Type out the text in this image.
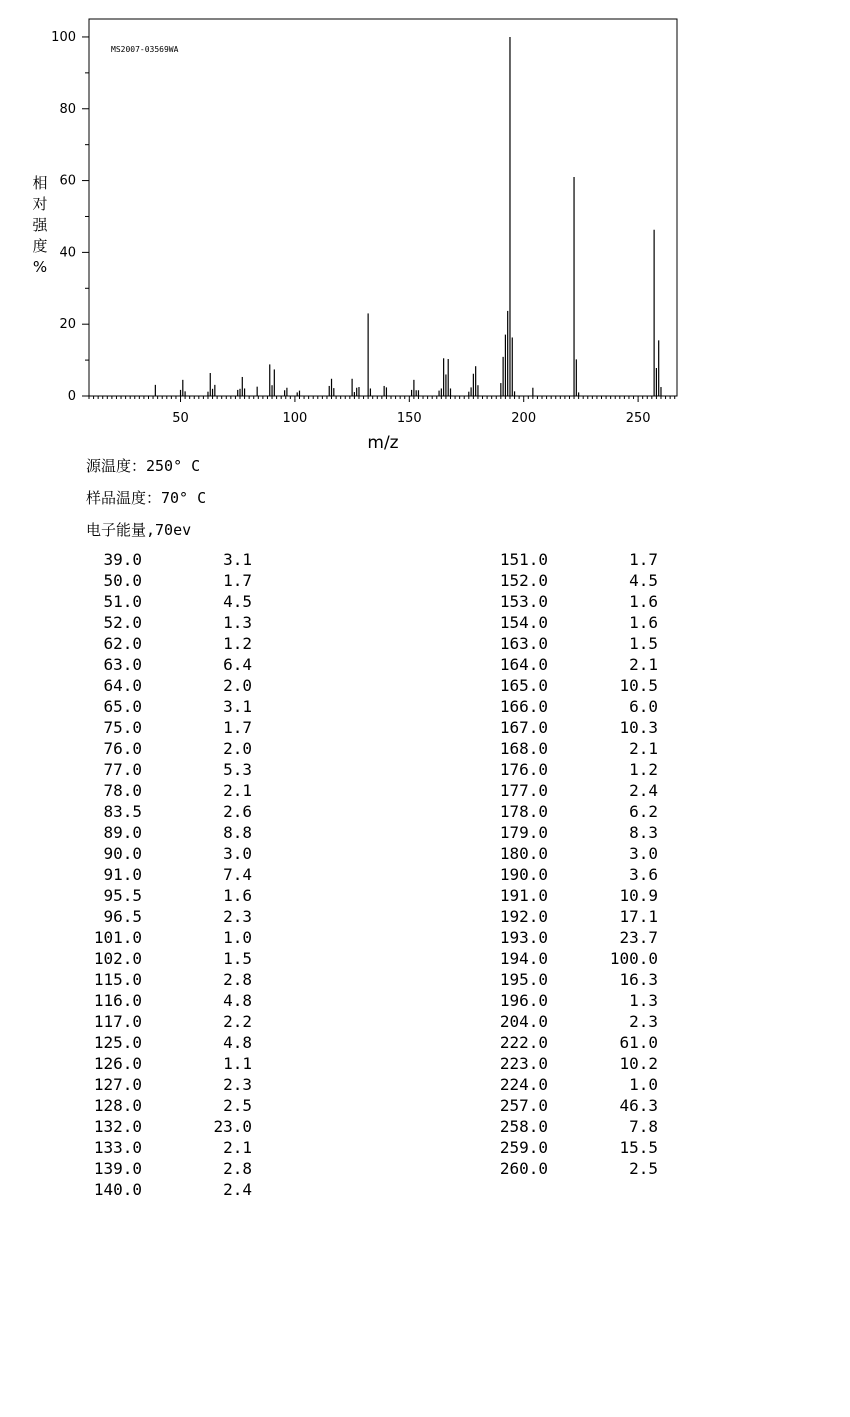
50	100	150	200	250
0
20
40
60
80
100
m/z
相
对
强
度
%
MS2007-03569WA
源温度：250° C
样品温度：70° C
电子能量,70ev
39.0	3.1
50.0	1.7
51.0	4.5
52.0	1.3
62.0	1.2
63.0	6.4
64.0	2.0
65.0	3.1
75.0	1.7
76.0	2.0
77.0	5.3
78.0	2.1
83.5	2.6
89.0	8.8
90.0	3.0
91.0	7.4
95.5	1.6
96.5	2.3
101.0	1.0
102.0	1.5
115.0	2.8
116.0	4.8
117.0	2.2
125.0	4.8
126.0	1.1
127.0	2.3
128.0	2.5
132.0	23.0
133.0	2.1
139.0	2.8
140.0	2.4
151.0	1.7
152.0	4.5
153.0	1.6
154.0	1.6
163.0	1.5
164.0	2.1
165.0	10.5
166.0	6.0
167.0	10.3
168.0	2.1
176.0	1.2
177.0	2.4
178.0	6.2
179.0	8.3
180.0	3.0
190.0	3.6
191.0	10.9
192.0	17.1
193.0	23.7
194.0	100.0
195.0	16.3
196.0	1.3
204.0	2.3
222.0	61.0
223.0	10.2
224.0	1.0
257.0	46.3
258.0	7.8
259.0	15.5
260.0	2.5
